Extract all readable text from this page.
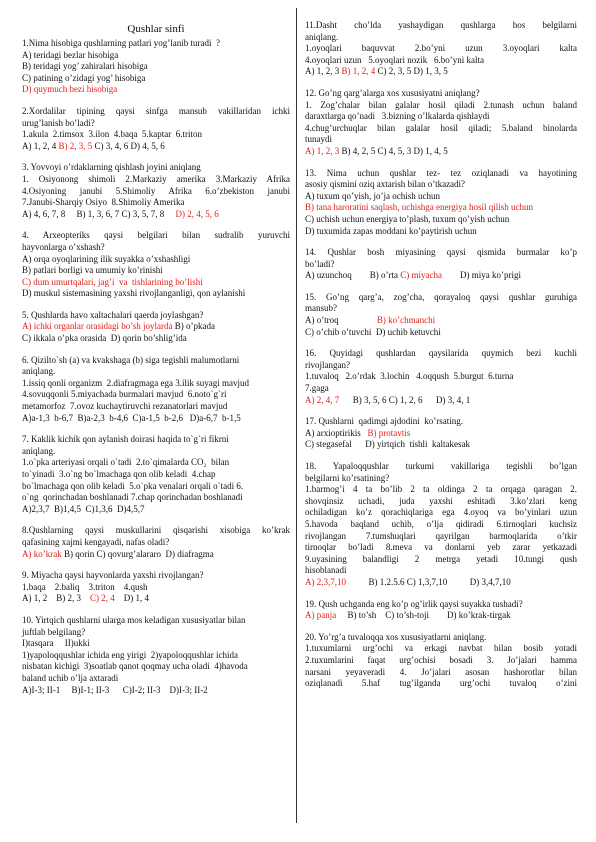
Qushlar sinfi
1.Nima hisobiga qushlarning patlari yog’lanib turadi  ?
A) teridagi bezlar hisobiga
B) teridagi yog’ zahiralari hisobiga
C) patining o’zidagi yog’ hisobiga
D) quymuch bezi hisobiga
2.Xordalilar tipining qaysi sinfga mansub vakillaridan ichki
urug’lanish bo’ladi?
1.akula  2.timsox  3.ilon  4.baqa  5.kaptar  6.triton
A) 1, 2, 4 B) 2, 3, 5 C) 3, 4, 6 D) 4, 5, 6
3. Yovvoyi o’rdaklarning qishlash joyini aniqlang
1. Osiyonong shimoli 2.Markaziy amerika 3.Markaziy Afrika
4.Osiyoning janubi 5.Shimoliy Afrika 6.o’zbekiston janubi
7.Janubi-Sharqiy Osiyo  8.Shimoliy Amerika
A) 4, 6, 7, 8     B) 1, 3, 6, 7 C) 3, 5, 7, 8     D) 2, 4, 5, 6
4. Arxeopteriks qaysi belgilari bilan sudralib yuruvchi
hayvonlarga o’xshash?
A) orqa oyoqlarining ilik suyakka o’xshashligi
B) patlari borligi va umumiy ko’rinishi
C) dum umurtqalari, jag’i  va  tishlarining bo’lishi
D) muskul sistemasining yaxshi rivojlanganligi, qon aylanishi
5. Qushlarda havo xaltachalari qaerda joylashgan?
A) ichki organlar orasidagi bo’sh joylarda B) o’pkada
C) ikkala o’pka orasida  D) qorin bo’shlig’ida
6. Qizilto`sh (a) va kvakshaga (b) siga tegishli malumotlarni
aniqlang.
1.issiq qonli organizm  2.diafragmaga ega 3.ilik suyagi mavjud
4.sovuqqonli 5.miyachada burmalari mavjud  6.noto`g`ri
metamorfoz  7.ovoz kuchaytiruvchi rezanatorlari mavjud
A)a-1,3  b-6,7  B)a-2,3  b-4,6  C)a-1,5  b-2,6   D)a-6,7  b-1,5
7. Kaklik kichik qon aylanish doirasi haqida to`g`ri fikrni
aniqlang.
1.o`pka arteriyasi orqali o`tadi  2.to`qimalarda CO₂  bilan
to`yinadi  3.o`ng bo`lmachaga qon olib keladi  4.chap
bo`lmachaga qon olib keladi  5.o`pka venalari orqali o`tadi 6.
o`ng  qorinchadan boshlanadi 7.chap qorinchadan boshlanadi
A)2,3,7  B)1,4,5  C)1,3,6  D)4,5,7
8.Qushlarning qaysi muskullarini qisqarishi xisobiga ko’krak
qafasining xajmi kengayadi, nafas oladi?
A) ko’krak B) qorin C) qovurg’alararo  D) diafragma
9. Miyacha qaysi hayvonlarda yaxshi rivojlangan?
1.baqa    2.baliq    3.triton    4.qush
A) 1, 2    B) 2, 3    C) 2, 4    D) 1, 4
10. Yirtqich qushlarni ularga mos keladigan xususiyatlar bilan
juftlab belgilang?
I)tasqara     II)ukki
1)yapoloqqushlar ichida eng yirigi  2)yapoloqqushlar ichida
nisbatan kichigi  3)soatlab qanot qoqmay ucha oladi  4)havoda
baland uchib o’lja axtaradi
A)I-3; II-1     B)I-1; II-3      C)I-2; II-3    D)I-3; II-2
11.Dasht cho’lda yashaydigan qushlarga hos belgilarni
aniqlang.
1.oyoqlari baquvvat 2.bo’yni uzun 3.oyoqlari kalta
4.oyoqlari uzun   5.oyoqlari nozik   6.bo’yni kalta
A) 1, 2, 3 B) 1, 2, 4 C) 2, 3, 5 D) 1, 3, 5
12. Go’ng qarg’alarga xos xususiyatni aniqlang?
1. Zog’chalar bilan galalar hosil qiladi 2.tunash uchun baland
daraxtlarga qo’nadi   3.bizning o’lkalarda qishlaydi
4.chug’urchuqlar bilan galalar hosil qiladi; 5.baland binolarda
tunaydi
A) 1, 2, 3 B) 4, 2, 5 C) 4, 5, 3 D) 1, 4, 5
13. Nima uchun qushlar tez- tez oziqlanadi va hayotining
asosiy qismini oziq axtarish bilan o’tkazadi?
A) tuxum qo’yish, jo’ja ochish uchun
B) tana haroratini saqlash, uchishga energiya hosil qilish uchun
C) uchish uchun energiya to’plash, tuxum qo’yish uchun
D) tuxumida zapas moddani ko’paytirish uchun
14. Qushlar bosh miyasining qaysi qismida burmalar ko’p
bo’ladi?
A) uzunchoq        B) o’rta C) miyacha        D) miya ko’prigi
15. Go’ng qarg’a, zog’cha, qorayaloq qaysi qushlar guruhiga
mansub?
A) o’troq                 B) ko’chmanchi
C) o’chib o’tuvchi  D) uchib ketuvchi
16. Quyidagi qushlardan qaysilarida quymich bezi kuchli
rivojlangan?
1.tuvaloq   2.o’rdak  3.lochin   4.oqqush  5.burgut  6.turna
7.gaga
A) 2, 4, 7      B) 3, 5, 6 C) 1, 2, 6      D) 3, 4, 1
17. Qushlarni  qadimgi ajdodini  ko’rsating.
A) arxioptirikis   B) protavtis
C) stegasefal      D) yirtqich  tishli  kaltakesak
18. Yapaloqqushlar turkumi vakillariga tegishli bo’lgan
belgilarni ko’rsatining?
1.barmog’i 4 ta bo’lib 2 ta oldinga 2 ta orqaga qaragan 2.
shovqinsiz uchadi, juda yaxshi eshitadi 3.ko’zlari keng
ochiladigan ko’z qorachiqlariga ega 4.oyoq va bo’yinlari uzun
5.havoda baqland uchib, o’lja qidiradi 6.tirnoqlari kuchsiz
rivojlangan 7.tumshuqlari qayrilgan barmoqlarida o’tkir
tirnoqlar bo’ladi 8.meva va donlarni yeb zarar yetkazadi
9.uyasining balandligi 2 metrga yetadi 10.tungi qush
hisoblanadi
A) 2,3,7,10          B) 1.2.5.6 C) 1,3,7,10          D) 3,4,7,10
19. Qush uchganda eng ko’p og’irlik qaysi suyakka tushadi?
A) panja     B) to’sh    C) to’sh-toji        D) ko’krak-tirgak
20. Yo’rg’a tuvaloqqa xos xususiyatlarni aniqlang.
1.tuxumlarni urg’ochi va erkagi navbat bilan bosib yotadi
2.tuxumlarini faqat urg’ochisi bosadi 3. Jo’jalari hamma
narsani yeyaveradi 4. Jo’jalari asosan hashorotlar bilan
oziqlanadi 5.haf tug’ilganda urg’ochi tuvaloq o’zini
